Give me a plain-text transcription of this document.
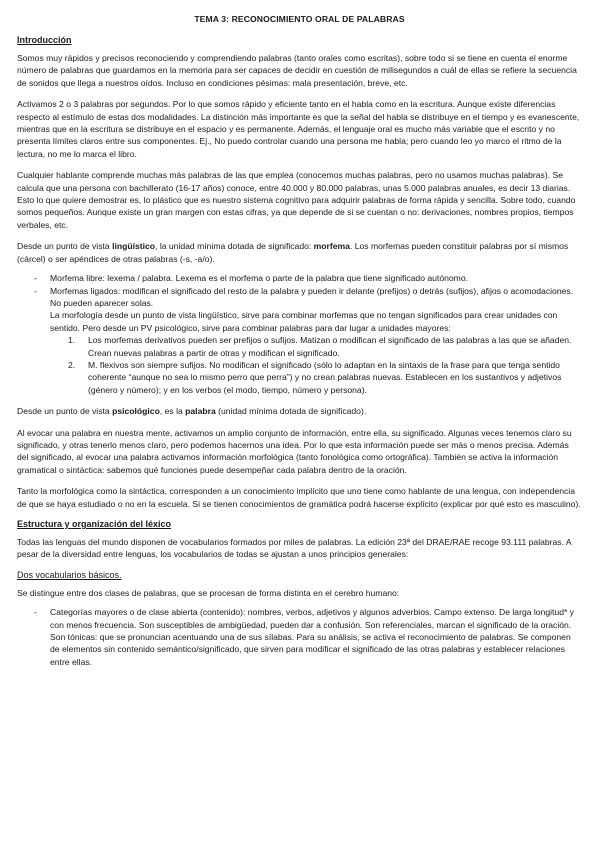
TEMA 3: RECONOCIMIENTO ORAL DE PALABRAS
Introducción

Somos muy rápidos y precisos reconociendo y comprendiendo palabras (tanto orales como escritas), sobre todo si se tiene en cuenta el enorme número de palabras que guardamos en la memoria para ser capaces de decidir en cuestión de milisegundos a cuál de ellas se refiere la secuencia de sonidos que llega a nuestros oídos. Incluso en condiciones pésimas: mala presentación, breve, etc.

Activamos 2 o 3 palabras por segundos. Por lo que somos rápido y eficiente tanto en el habla como en la escritura. Aunque existe diferencias respecto al estímulo de estas dos modalidades. La distinción más importante es que la señal del habla se distribuye en el tiempo y es evanescente, mientras que en la escritura se distribuye en el espacio y es permanente. Además, el lenguaje oral es mucho más variable que el escrito y no presenta límites claros entre sus componentes. Ej., No puedo controlar cuando una persona me habla; pero cuando leo yo marco el ritmo de la lectura, no me lo marca el libro.

Cualquier hablante comprende muchas más palabras de las que emplea (conocemos muchas palabras, pero no usamos muchas palabras). Se calcula que una persona con bachillerato (16-17 años) conoce, entre 40.000 y 80.000 palabras, unas 5.000 palabras anuales, es decir 13 diarias. Esto lo que quiere demostrar es, lo plástico que es nuestro sistema cognitivo para adquirir palabras de forma rápida y sencilla. Sobre todo, cuando somos pequeños. Aunque existe un gran margen con estas cifras, ya que depende de si se cuentan o no: derivaciones, nombres propios, tiempos verbales, etc.

Desde un punto de vista lingüístico, la unidad mínima dotada de significado: morfema. Los morfemas pueden constituir palabras por sí mismos (cárcel) o ser apéndices de otras palabras (-s, -a/o).

- Morfema libre: lexema / palabra. Lexema es el morfema o parte de la palabra que tiene significado autónomo.
- Morfemas ligados: modifican el significado del resto de la palabra y pueden ir delante (prefijos) o detrás (sufijos), afijos o acomodaciones. No pueden aparecer solas.
La morfología desde un punto de vista lingüístico, sirve para combinar morfemas que no tengan significados para crear unidades con sentido. Pero desde un PV psicológico, sirve para combinar palabras para dar lugar a unidades mayores:
1. Los morfemas derivativos pueden ser prefijos o sufijos. Matizan o modifican el significado de las palabras a las que se añaden. Crean nuevas palabras a partir de otras y modifican el significado.
2. M. flexivos son siempre sufijos. No modifican el significado (sólo lo adaptan en la sintaxis de la frase para que tenga sentido coherente “aunque no sea lo mismo perro que perra”) y no crean palabras nuevas. Establecen en los sustantivos y adjetivos (género y número); y en los verbos (el modo, tiempo, número y persona).

Desde un punto de vista psicológico, es la palabra (unidad mínima dotada de significado).

Al evocar una palabra en nuestra mente, activamos un amplio conjunto de información, entre ella, su significado. Algunas veces tenemos claro su significado, y otras tenerlo menos claro, pero podemos hacernos una idea. Por lo que esta información puede ser más o menos precisa. Además del significado, al evocar una palabra activamos información morfológica (tanto fonológica como ortográfica). También se activa la información gramatical o sintáctica: sabemos qué funciones puede desempeñar cada palabra dentro de la oración.

Tanto la morfológica como la sintáctica, corresponden a un conocimiento implícito que uno tiene como hablante de una lengua, con independencia de que se haya estudiado o no en la escuela. Si se tienen conocimientos de gramática podrá hacerse explícito (explicar por qué esto es masculino).

Estructura y organización del léxico

Todas las lenguas del mundo disponen de vocabularios formados por miles de palabras. La edición 23ª del DRAE/RAE recoge 93.111 palabras. A pesar de la diversidad entre lenguas, los vocabularios de todas se ajustan a unos principios generales:

Dos vocabularios básicos.

Se distingue entre dos clases de palabras, que se procesan de forma distinta en el cerebro humano:

- Categorías mayores o de clase abierta (contenido): nombres, verbos, adjetivos y algunos adverbios. Campo extenso. De larga longitud* y con menos frecuencia. Son susceptibles de ambigüedad, pueden dar a confusión. Son referenciales, marcan el significado de la oración. Son tónicas: que se pronuncian acentuando una de sus sílabas. Para su análisis, se activa el reconocimiento de palabras. Se componen de elementos sin contenido semántico/significado, que sirven para modificar el significado de las otras palabras y establecer relaciones entre ellas.
